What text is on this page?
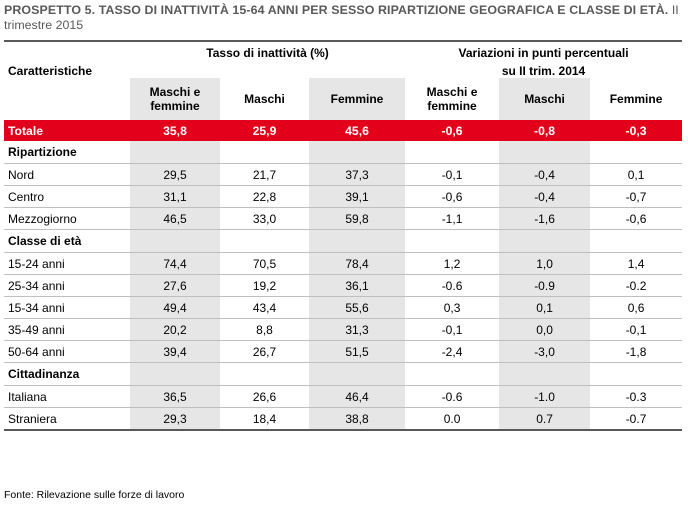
PROSPETTO 5. TASSO DI INATTIVITÀ 15-64 ANNI PER SESSO RIPARTIZIONE GEOGRAFICA E CLASSE DI ETÀ. II trimestre 2015
Caratteristiche	Tasso di inattività (%)			Variazioni in punti percentuali		
				su II trim. 2014		
	Maschi e femmine	Maschi	Femmine	Maschi e femmine	Maschi	Femmine
Totale	35,8	25,9	45,6	-0,6	-0,8	-0,3
Ripartizione						
Nord	29,5	21,7	37,3	-0,1	-0,4	0,1
Centro	31,1	22,8	39,1	-0,6	-0,4	-0,7
Mezzogiorno	46,5	33,0	59,8	-1,1	-1,6	-0,6
Classe di età						
15-24 anni	74,4	70,5	78,4	1,2	1,0	1,4
25-34 anni	27,6	19,2	36,1	-0.6	-0.9	-0.2
15-34 anni	49,4	43,4	55,6	0,3	0,1	0,6
35-49 anni	20,2	8,8	31,3	-0,1	0,0	-0,1
50-64 anni	39,4	26,7	51,5	-2,4	-3,0	-1,8
Cittadinanza						
Italiana	36,5	26,6	46,4	-0.6	-1.0	-0.3
Straniera	29,3	18,4	38,8	0.0	0.7	-0.7
Fonte: Rilevazione sulle forze di lavoro
